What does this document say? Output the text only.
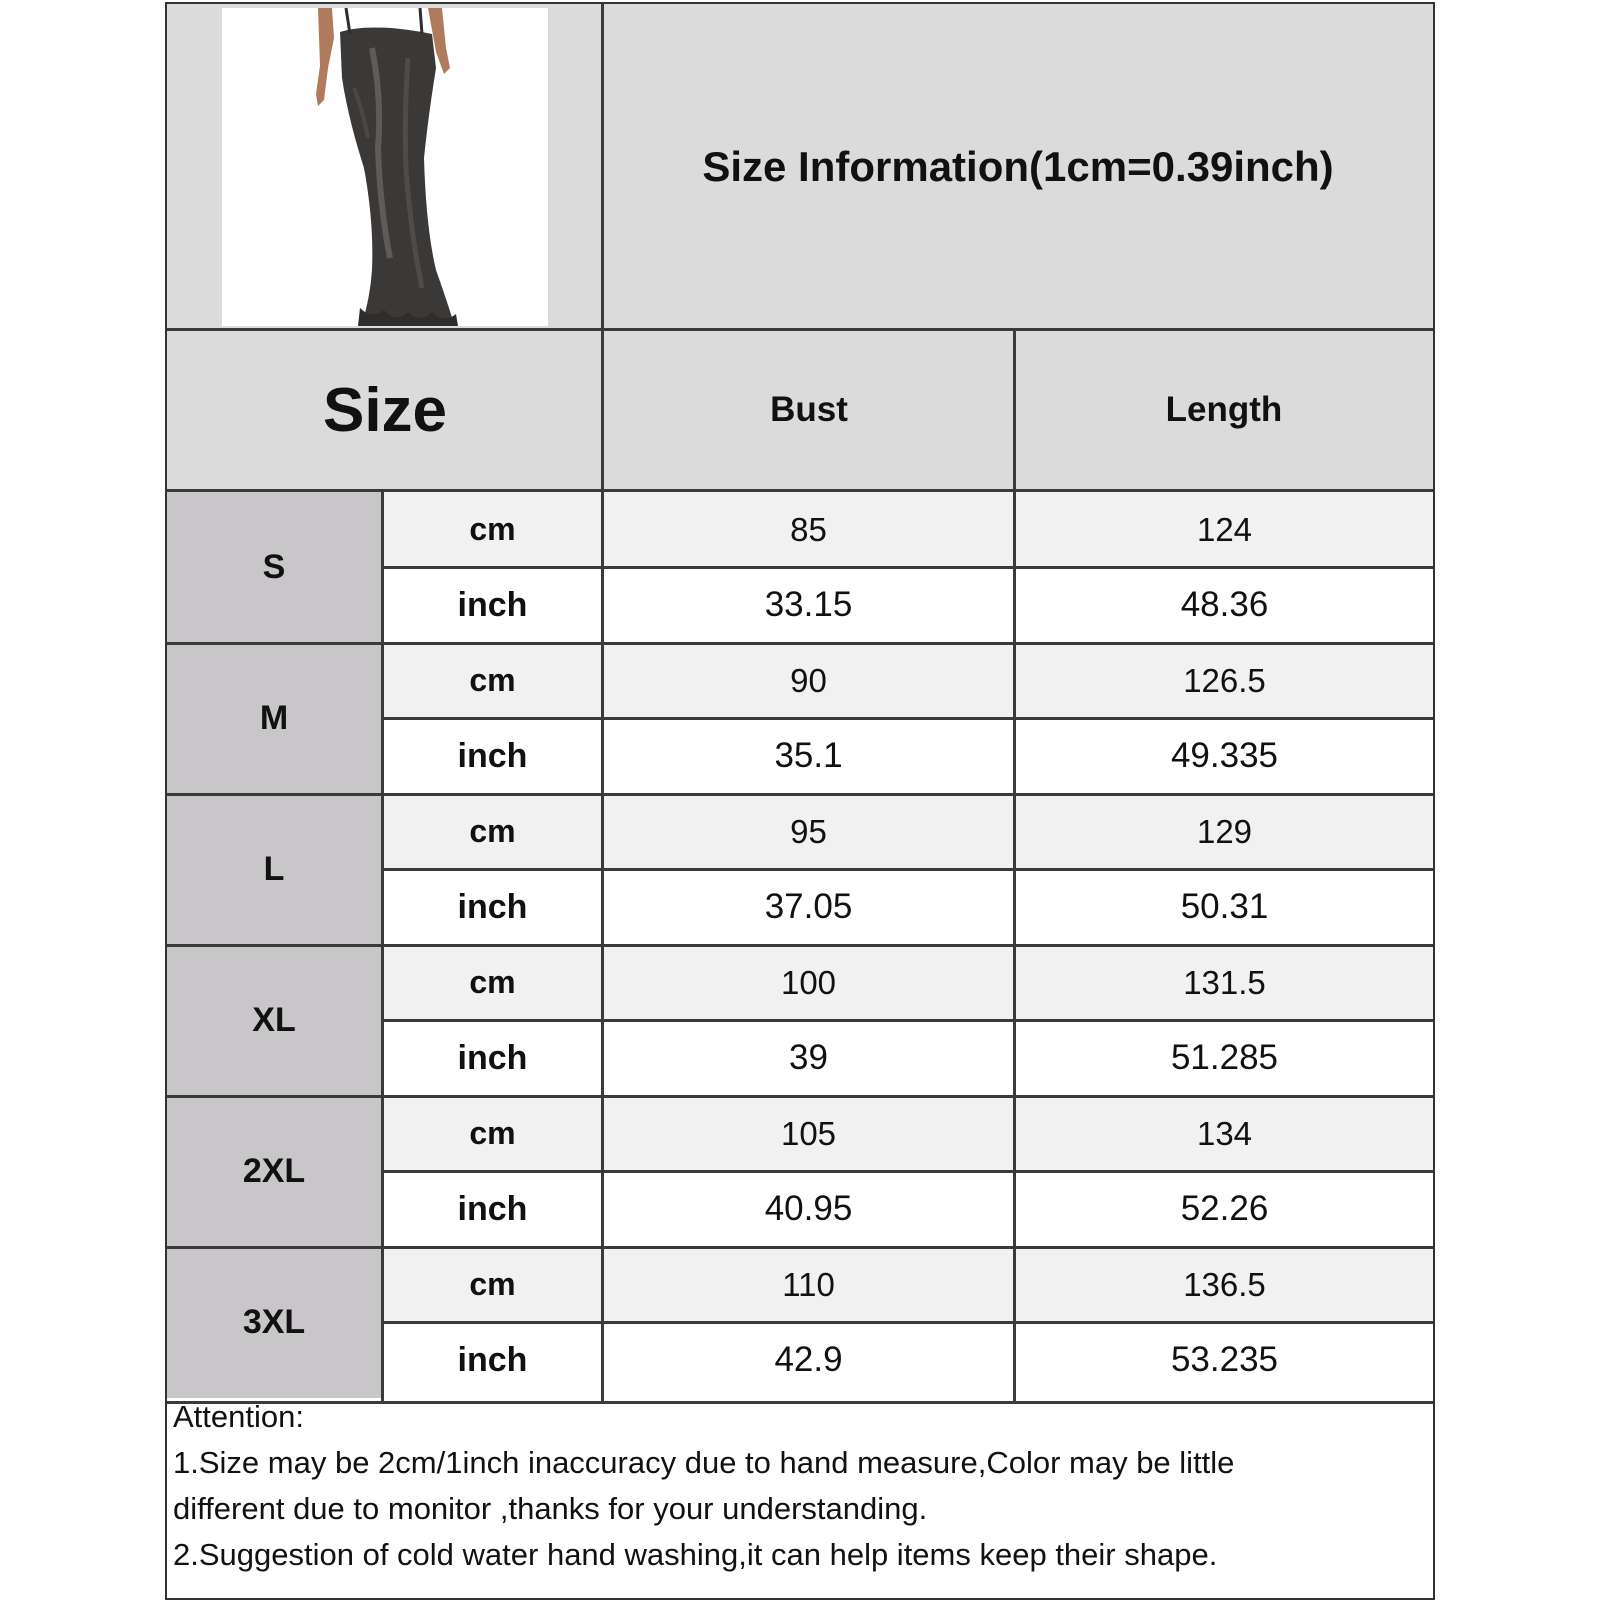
Size Information(1cm=0.39inch)
Size	Bust	Length
S
cm
inch
85
33.15
124
48.36
M
cm
inch
90
35.1
126.5
49.335
L
cm
inch
95
37.05
129
50.31
XL
cm
inch
100
39
131.5
51.285
2XL
cm
inch
105
40.95
134
52.26
3XL
cm
inch
110
42.9
136.5
53.235
Attention:
1.Size may be 2cm/1inch inaccuracy due to hand measure,Color may be little
different due to monitor ,thanks for your understanding.
2.Suggestion of cold water hand washing,it can help items keep their shape.
